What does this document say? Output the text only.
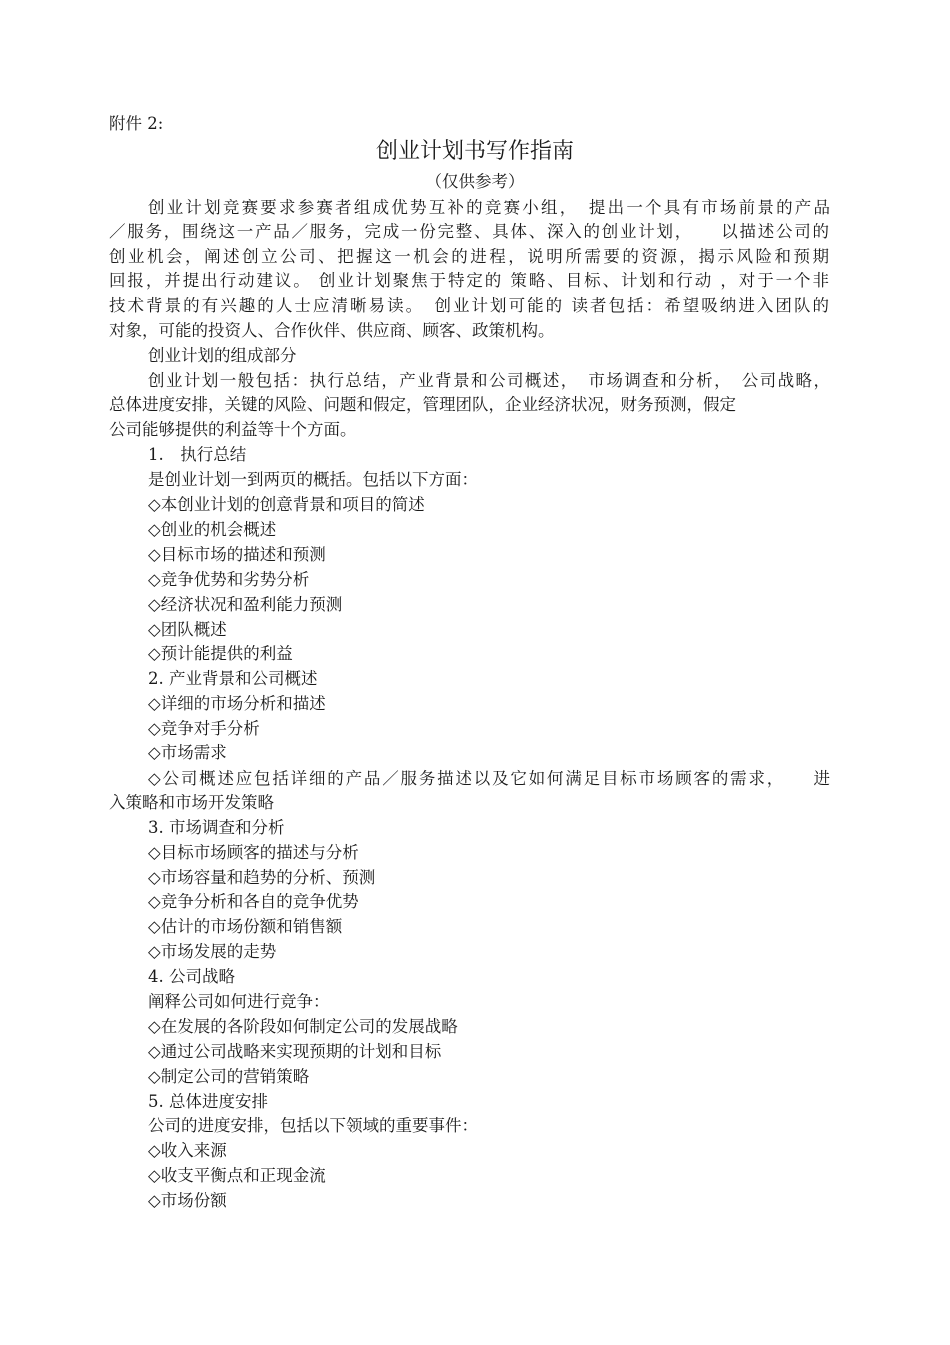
附件 2:
创业计划书写作指南
（仅供参考）
创业计划竞赛要求参赛者组成优势互补的竞赛小组，　提出一个具有市场前景的产品
／服务，围绕这一产品／服务，完成一份完整、具体、深入的创业计划，　　以描述公司的
创业机会，阐述创立公司、把握这一机会的进程，说明所需要的资源，揭示风险和预期
回报，并提出行动建议。 创业计划聚焦于特定的 策略、目标、计划和行动 ，对于一个非
技术背景的有兴趣的人士应清晰易读。　创业计划可能的 读者包括：希望吸纳进入团队的
对象，可能的投资人、合作伙伴、供应商、顾客、政策机构。
创业计划的组成部分
创业计划一般包括：执行总结，产业背景和公司概述，　市场调查和分析，　公司战略，
总体进度安排，关键的风险、问题和假定，管理团队，企业经济状况，财务预测，假定
公司能够提供的利益等十个方面。
1.　执行总结
是创业计划一到两页的概括。包括以下方面：
◇本创业计划的创意背景和项目的简述
◇创业的机会概述
◇目标市场的描述和预测
◇竞争优势和劣势分析
◇经济状况和盈利能力预测
◇团队概述
◇预计能提供的利益
2. 产业背景和公司概述
◇详细的市场分析和描述
◇竞争对手分析
◇市场需求
◇公司概述应包括详细的产品／服务描述以及它如何满足目标市场顾客的需求，　　进
入策略和市场开发策略
3. 市场调查和分析
◇目标市场顾客的描述与分析
◇市场容量和趋势的分析、预测
◇竞争分析和各自的竞争优势
◇估计的市场份额和销售额
◇市场发展的走势
4. 公司战略
阐释公司如何进行竞争：
◇在发展的各阶段如何制定公司的发展战略
◇通过公司战略来实现预期的计划和目标
◇制定公司的营销策略
5. 总体进度安排
公司的进度安排，包括以下领域的重要事件：
◇收入来源
◇收支平衡点和正现金流
◇市场份额
